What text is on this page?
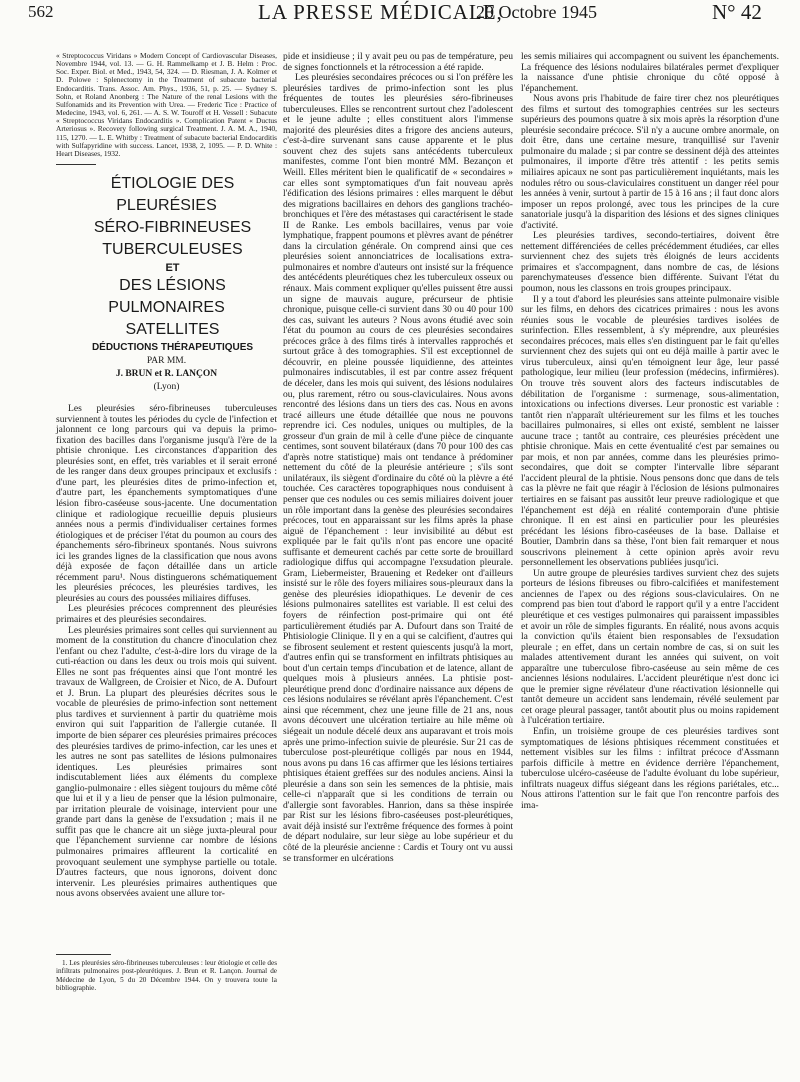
562	LA PRESSE MÉDICALE,
20 Octobre 1945	N° 42

« Streptococcus Viridans » Modern Concept of Cardiovascular Diseases, Novembre 1944, vol. 13. — G. H. Rammelkamp et J. B. Helm : Proc. Soc. Exper. Biol. et Med., 1943, 54, 324. — D. Riesman, J. A. Kolmer et D. Polowe : Splenectomy in the Treatment of subacute bacterial Endocarditis. Trans. Assoc. Am. Phys., 1936, 51, p. 25. — Sydney S. Sohn, et Roland Anonberg : The Nature of the renal Lesions with the Sulfonamids and its Prevention with Urea. — Frederic Tice : Practice of Medecine, 1943, vol. 6, 261. — A. S. W. Touroff et H. Vessell : Subacute « Streptococcus Viridans Endocarditis ». Complication Patent « Ductus Arteriosus ». Recovery following surgical Treatment. J. A. M. A., 1940, 115, 1270. — L. E. Whitby : Treatment of subacute bacterial Endocarditis with Sulfapyridine with success. Lancet, 1938, 2, 1095. — P. D. White : Heart Diseases, 1932.

ÉTIOLOGIE DES PLEURÉSIES

SÉRO-FIBRINEUSES

TUBERCULEUSES

ET

DES LÉSIONS PULMONAIRES

SATELLITES

DÉDUCTIONS THÉRAPEUTIQUES

PAR MM.
J. BRUN et R. LANÇON
(Lyon)

Les pleurésies séro-fibrineuses tuberculeuses surviennent à toutes les périodes du cycle de l'infection et jalonnent ce long parcours qui va depuis la primo-fixation des bacilles dans l'organisme jusqu'à l'ère de la phtisie chronique. Les circonstances d'apparition des pleurésies sont, en effet, très variables et il serait erroné de les ranger dans deux groupes principaux et exclusifs : d'une part, les pleurésies dites de primo-infection et, d'autre part, les épanchements symptomatiques d'une lésion fibro-caséeuse sous-jacente. Une documentation clinique et radiologique recueillie depuis plusieurs années nous a permis d'individualiser certaines formes étiologiques et de préciser l'état du poumon au cours des épanchements séro-fibrineux spontanés. Nous suivrons ici les grandes lignes de la classification que nous avons déjà exposée de façon détaillée dans un article récemment paru¹. Nous distinguerons schématiquement les pleurésies précoces, les pleurésies tardives, les pleurésies au cours des poussées miliaires diffuses.

Les pleurésies précoces comprennent des pleurésies primaires et des pleurésies secondaires.

Les pleurésies primaires sont celles qui surviennent au moment de la constitution du chancre d'inoculation chez l'enfant ou chez l'adulte, c'est-à-dire lors du virage de la cuti-réaction ou dans les deux ou trois mois qui suivent. Elles ne sont pas fréquentes ainsi que l'ont montré les travaux de Wallgreen, de Croisier et Nico, de A. Dufourt et J. Brun. La plupart des pleurésies décrites sous le vocable de pleurésies de primo-infection sont nettement plus tardives et surviennent à partir du quatrième mois environ qui suit l'apparition de l'allergie cutanée. Il importe de bien séparer ces pleurésies primaires précoces des pleurésies tardives de primo-infection, car les unes et les autres ne sont pas satellites de lésions pulmonaires identiques. Les pleurésies primaires sont indiscutablement liées aux éléments du complexe ganglio-pulmonaire : elles siègent toujours du même côté que lui et il y a lieu de penser que la lésion pulmonaire, par irritation pleurale de voisinage, intervient pour une grande part dans la genèse de l'exsudation ; mais il ne suffit pas que le chancre ait un siège juxta-pleural pour que l'épanchement survienne car nombre de lésions pulmonaires primaires affleurent la corticalité en provoquant seulement une symphyse partielle ou totale. D'autres facteurs, que nous ignorons, doivent donc intervenir. Les pleurésies primaires authentiques que nous avons observées avaient une allure tor-

1. Les pleurésies séro-fibrineuses tuberculeuses : leur étiologie et celle des infiltrats pulmonaires post-pleurétiques. J. Brun et R. Lançon. Journal de Médecine de Lyon, 5 du 20 Décembre 1944. On y trouvera toute la bibliographie.

pide et insidieuse ; il y avait peu ou pas de température, peu de signes fonctionnels et la rétrocession a été rapide.

Les pleurésies secondaires précoces ou si l'on préfère les pleurésies tardives de primo-infection sont les plus fréquentes de toutes les pleurésies séro-fibrineuses tuberculeuses. Elles se rencontrent surtout chez l'adolescent et le jeune adulte ; elles constituent alors l'immense majorité des pleurésies dites a frigore des anciens auteurs, c'est-à-dire survenant sans cause apparente et le plus souvent chez des sujets sans antécédents tuberculeux manifestes, comme l'ont bien montré MM. Bezançon et Weill. Elles méritent bien le qualificatif de « secondaires » car elles sont symptomatiques d'un fait nouveau après l'édification des lésions primaires : elles marquent le début des migrations bacillaires en dehors des ganglions trachéo-bronchiques et l'ère des métastases qui caractérisent le stade II de Ranke. Les embols bacillaires, venus par voie lymphatique, frappent poumons et plèvres avant de pénétrer dans la circulation générale. On comprend ainsi que ces pleurésies soient annonciatrices de localisations extra-pulmonaires et nombre d'auteurs ont insisté sur la fréquence des antécédents pleurétiques chez les tuberculeux osseux ou rénaux. Mais comment expliquer qu'elles puissent être aussi un signe de mauvais augure, précurseur de phtisie chronique, puisque celle-ci survient dans 30 ou 40 pour 100 des cas, suivant les auteurs ? Nous avons étudié avec soin l'état du poumon au cours de ces pleurésies secondaires précoces grâce à des films tirés à intervalles rapprochés et surtout grâce à des tomographies. S'il est exceptionnel de découvrir, en pleine poussée liquidienne, des atteintes pulmonaires indiscutables, il est par contre assez fréquent de déceler, dans les mois qui suivent, des lésions nodulaires ou, plus rarement, rétro ou sous-claviculaires. Nous avons rencontré des lésions dans un tiers des cas. Nous en avons tracé ailleurs une étude détaillée que nous ne pouvons reprendre ici. Ces nodules, uniques ou multiples, de la grosseur d'un grain de mil à celle d'une pièce de cinquante centimes, sont souvent bilatéraux (dans 70 pour 100 des cas d'après notre statistique) mais ont tendance à prédominer nettement du côté de la pleurésie antérieure ; s'ils sont unilatéraux, ils siègent d'ordinaire du côté où la plèvre a été touchée. Ces caractères topographiques nous conduisent à penser que ces nodules ou ces semis miliaires doivent jouer un rôle important dans la genèse des pleurésies secondaires précoces, tout en apparaissant sur les films après la phase aiguë de l'épanchement : leur invisibilité au début est expliquée par le fait qu'ils n'ont pas encore une opacité suffisante et demeurent cachés par cette sorte de brouillard radiologique diffus qui accompagne l'exsudation pleurale. Gram, Liebermeister, Brauening et Redeker ont d'ailleurs insisté sur le rôle des foyers miliaires sous-pleuraux dans la genèse des pleurésies idiopathiques. Le devenir de ces lésions pulmonaires satellites est variable. Il est celui des foyers de réinfection post-primaire qui ont été particulièrement étudiés par A. Dufourt dans son Traité de Phtisiologie Clinique. Il y en a qui se calcifient, d'autres qui se fibrosent seulement et restent quiescents jusqu'à la mort, d'autres enfin qui se transforment en infiltrats phtisiques au bout d'un certain temps d'incubation et de latence, allant de quelques mois à plusieurs années. La phtisie post-pleurétique prend donc d'ordinaire naissance aux dépens de ces lésions nodulaires se révélant après l'épanchement. C'est ainsi que récemment, chez une jeune fille de 21 ans, nous avons découvert une ulcération tertiaire au hile même où siégeait un nodule décelé deux ans auparavant et trois mois après une primo-infection suivie de pleurésie. Sur 21 cas de tuberculose post-pleurétique colligés par nous en 1944, nous avons pu dans 16 cas affirmer que les lésions tertiaires phtisiques étaient greffées sur des nodules anciens. Ainsi la pleurésie a dans son sein les semences de la phtisie, mais celle-ci n'apparaît que si les conditions de terrain ou d'allergie sont favorables. Hanrion, dans sa thèse inspirée par Rist sur les lésions fibro-caséeuses post-pleurétiques, avait déjà insisté sur l'extrême fréquence des formes à point de départ nodulaire, sur leur siège au lobe supérieur et du côté de la pleurésie ancienne : Cardis et Toury ont vu aussi se transformer en ulcérations

les semis miliaires qui accompagnent ou suivent les épanchements. La fréquence des lésions nodulaires bilatérales permet d'expliquer la naissance d'une phtisie chronique du côté opposé à l'épanchement.

Nous avons pris l'habitude de faire tirer chez nos pleurétiques des films et surtout des tomographies centrées sur les secteurs supérieurs des poumons quatre à six mois après la résorption d'une pleurésie secondaire précoce. S'il n'y a aucune ombre anormale, on doit être, dans une certaine mesure, tranquillisé sur l'avenir pulmonaire du malade ; si par contre se dessinent déjà des atteintes pulmonaires, il importe d'être très attentif : les petits semis miliaires apicaux ne sont pas particulièrement inquiétants, mais les nodules rétro ou sous-claviculaires constituent un danger réel pour les années à venir, surtout à partir de 15 à 16 ans ; il faut donc alors imposer un repos prolongé, avec tous les principes de la cure sanatoriale jusqu'à la disparition des lésions et des signes cliniques d'activité.

Les pleurésies tardives, secondo-tertiaires, doivent être nettement différenciées de celles précédemment étudiées, car elles surviennent chez des sujets très éloignés de leurs accidents primaires et s'accompagnent, dans nombre de cas, de lésions parenchymateuses d'essence bien différente. Suivant l'état du poumon, nous les classons en trois groupes principaux.

Il y a tout d'abord les pleurésies sans atteinte pulmonaire visible sur les films, en dehors des cicatrices primaires : nous les avons réunies sous le vocable de pleurésies tardives isolées de surinfection. Elles ressemblent, à s'y méprendre, aux pleurésies secondaires précoces, mais elles s'en distinguent par le fait qu'elles surviennent chez des sujets qui ont eu déjà maille à partir avec le virus tuberculeux, ainsi qu'en témoignent leur âge, leur passé pathologique, leur milieu (leur profession (médecins, infirmières). On trouve très souvent alors des facteurs indiscutables de débilitation de l'organisme : surmenage, sous-alimentation, intoxications ou infections diverses. Leur pronostic est variable : tantôt rien n'apparaît ultérieurement sur les films et les touches bacillaires pulmonaires, si elles ont existé, semblent ne laisser aucune trace ; tantôt au contraire, ces pleurésies précèdent une phtisie chronique. Mais en cette éventualité c'est par semaines ou par mois, et non par années, comme dans les pleurésies primo-secondaires, que doit se compter l'intervalle libre séparant l'accident pleural de la phtisie. Nous pensons donc que dans de tels cas la plèvre ne fait que réagir à l'éclosion de lésions pulmonaires tertiaires en se faisant pas aussitôt leur preuve radiologique et que l'épanchement est déjà en réalité contemporain d'une phtisie chronique. Il en est ainsi en particulier pour les pleurésies précédant les lésions fibro-caséeuses de la base. Dallaise et Boutier, Dambrin dans sa thèse, l'ont bien fait remarquer et nous souscrivons pleinement à cette opinion après avoir revu personnellement les observations publiées jusqu'ici.

Un autre groupe de pleurésies tardives survient chez des sujets porteurs de lésions fibreuses ou fibro-calcifiées et manifestement anciennes de l'apex ou des régions sous-claviculaires. On ne comprend pas bien tout d'abord le rapport qu'il y a entre l'accident pleurétique et ces vestiges pulmonaires qui paraissent impassibles et avoir un rôle de simples figurants. En réalité, nous avons acquis la conviction qu'ils étaient bien responsables de l'exsudation pleurale ; en effet, dans un certain nombre de cas, si on suit les malades attentivement durant les années qui suivent, on voit apparaître une tuberculose fibro-caséeuse au sein même de ces anciennes lésions nodulaires. L'accident pleurétique n'est donc ici que le premier signe révélateur d'une réactivation lésionnelle qui tantôt demeure un accident sans lendemain, révélé seulement par cet orage pleural passager, tantôt aboutit plus ou moins rapidement à l'ulcération tertiaire.

Enfin, un troisième groupe de ces pleurésies tardives sont symptomatiques de lésions phtisiques récemment constituées et nettement visibles sur les films : infiltrat précoce d'Assmann parfois difficile à mettre en évidence derrière l'épanchement, tuberculose ulcéro-caséeuse de l'adulte évoluant du lobe supérieur, infiltrats nuageux diffus siégeant dans les régions pariétales, etc... Nous attirons l'attention sur le fait que l'on rencontre parfois des ima-
